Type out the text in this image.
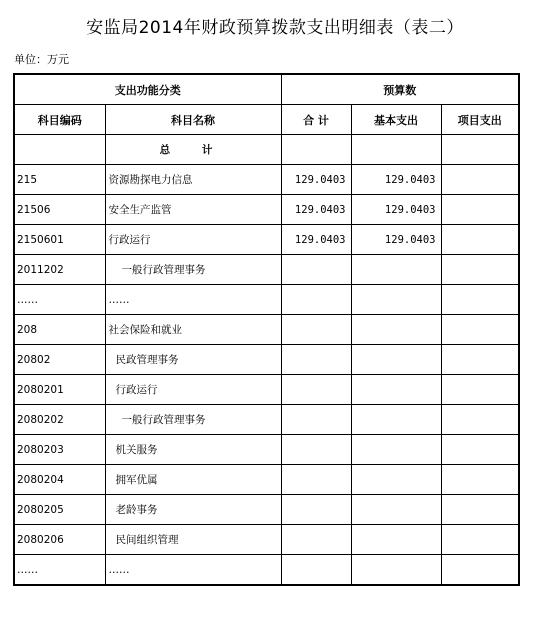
安监局2014年财政预算拨款支出明细表（表二）
单位：万元
支出功能分类		预算数		
科目编码	科目名称	合 计	基本支出	项目支出
	总 计			
215	资源勘探电力信息	129.0403	129.0403	
21506	安全生产监管	129.0403	129.0403	
2150601	行政运行	129.0403	129.0403	
2011202	一般行政管理事务			
……	……			
208	社会保险和就业			
20802	民政管理事务			
2080201	行政运行			
2080202	一般行政管理事务			
2080203	机关服务			
2080204	拥军优属			
2080205	老龄事务			
2080206	民间组织管理			
……	……			
